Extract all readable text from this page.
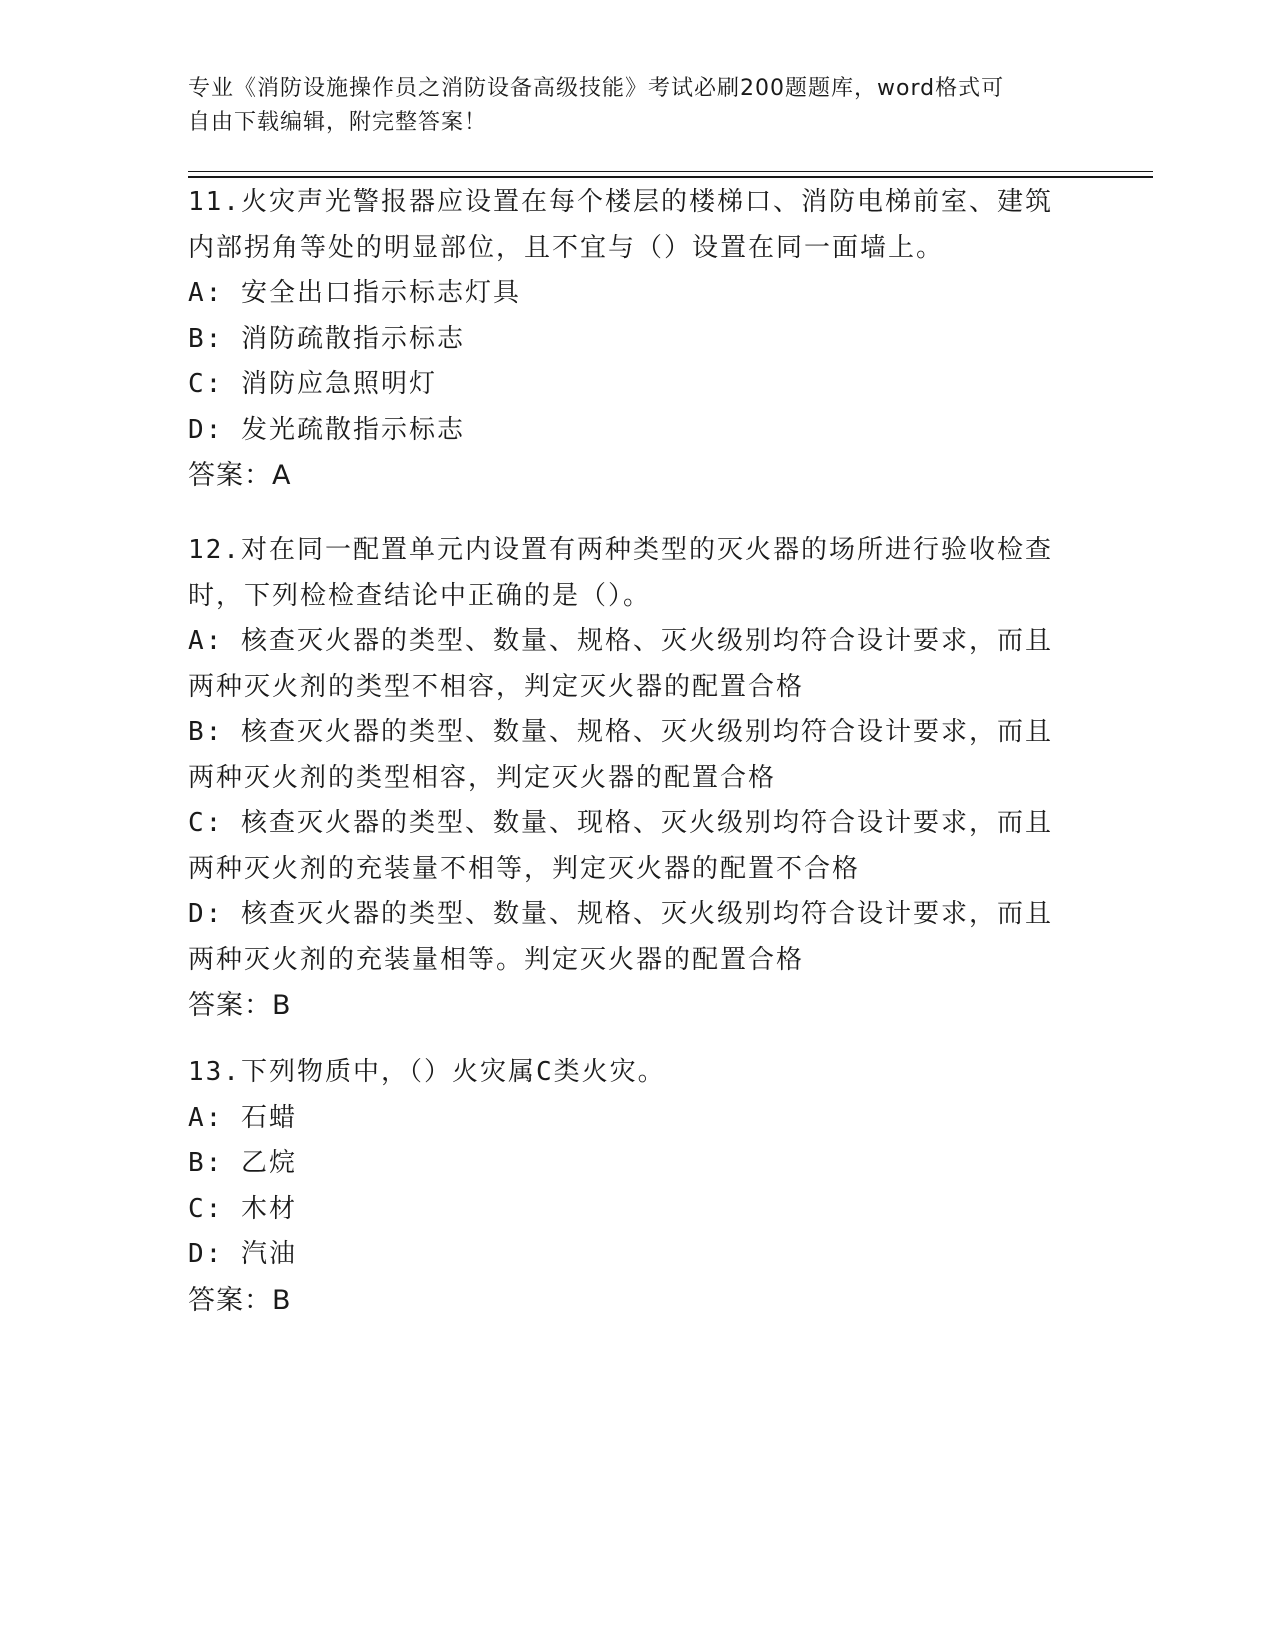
专业《消防设施操作员之消防设备高级技能》考试必刷200题题库，word格式可
自由下载编辑，附完整答案！
11.火灾声光警报器应设置在每个楼层的楼梯口、消防电梯前室、建筑
内部拐角等处的明显部位，且不宜与（）设置在同一面墙上。
A: 安全出口指示标志灯具
B: 消防疏散指示标志
C: 消防应急照明灯
D: 发光疏散指示标志
答案：A
12.对在同一配置单元内设置有两种类型的灭火器的场所进行验收检查
时，下列检检查结论中正确的是（）。
A: 核查灭火器的类型、数量、规格、灭火级别均符合设计要求，而且
两种灭火剂的类型不相容，判定灭火器的配置合格
B: 核查灭火器的类型、数量、规格、灭火级别均符合设计要求，而且
两种灭火剂的类型相容，判定灭火器的配置合格
C: 核查灭火器的类型、数量、现格、灭火级别均符合设计要求，而且
两种灭火剂的充装量不相等，判定灭火器的配置不合格
D: 核查灭火器的类型、数量、规格、灭火级别均符合设计要求，而且
两种灭火剂的充装量相等。判定灭火器的配置合格
答案：B
13.下列物质中，（）火灾属C类火灾。
A: 石蜡
B: 乙烷
C: 木材
D: 汽油
答案：B
